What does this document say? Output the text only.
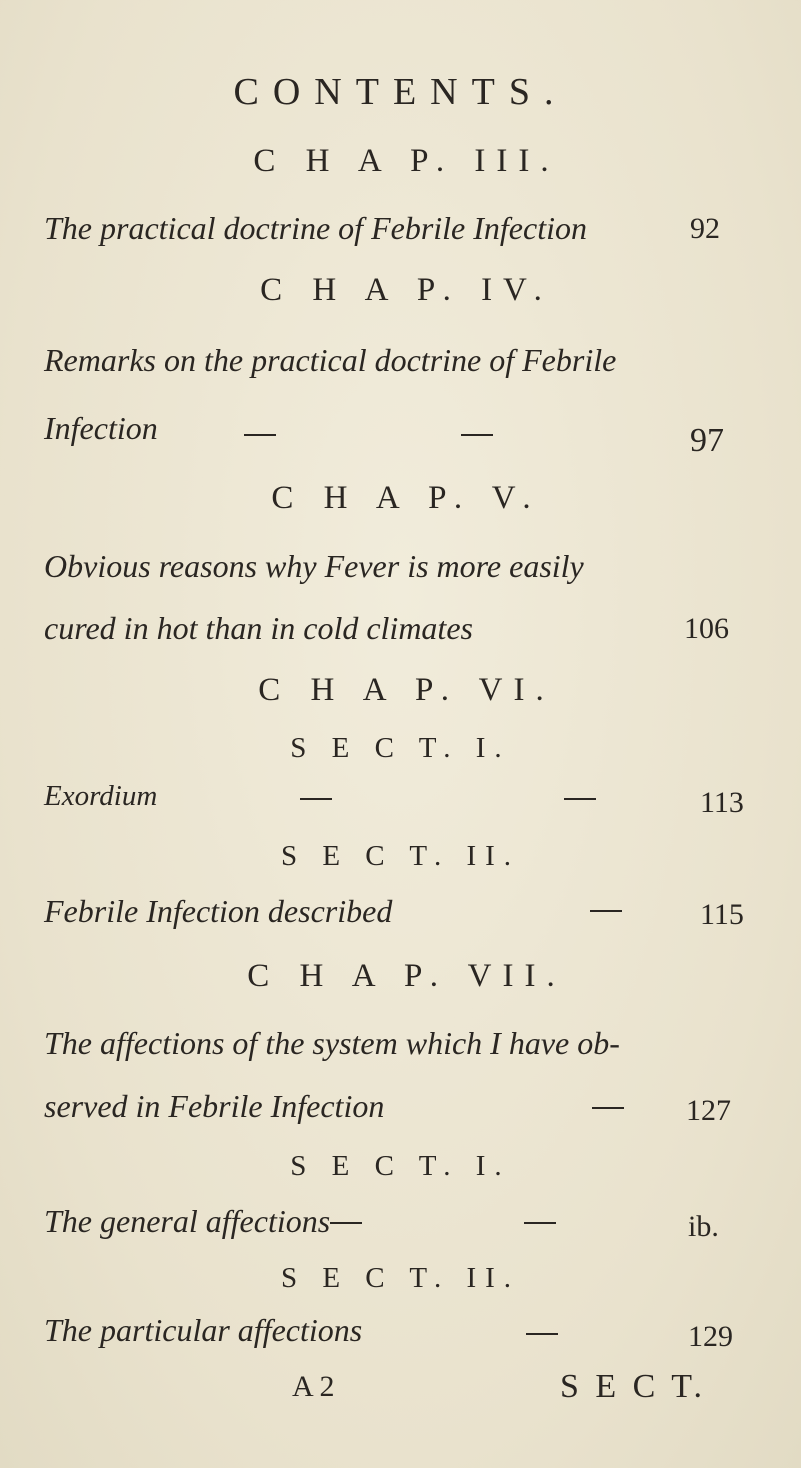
CONTENTS.
C H A P. III.
The practical doctrine of Febrile Infection	92
C H A P. IV.
Remarks on the practical doctrine of Febrile
Infection	97
C H A P. V.
Obvious reasons why Fever is more easily
cured in hot than in cold climates	106
C H A P. VI.
S E C T. I.
Exordium	113
S E C T. II.
Febrile Infection described	115
C H A P. VII.
The affections of the system which I have ob-
served in Febrile Infection	127
S E C T. I.
The general affections	ib.
S E C T. II.
The particular affections	129
A 2	S E C T.
